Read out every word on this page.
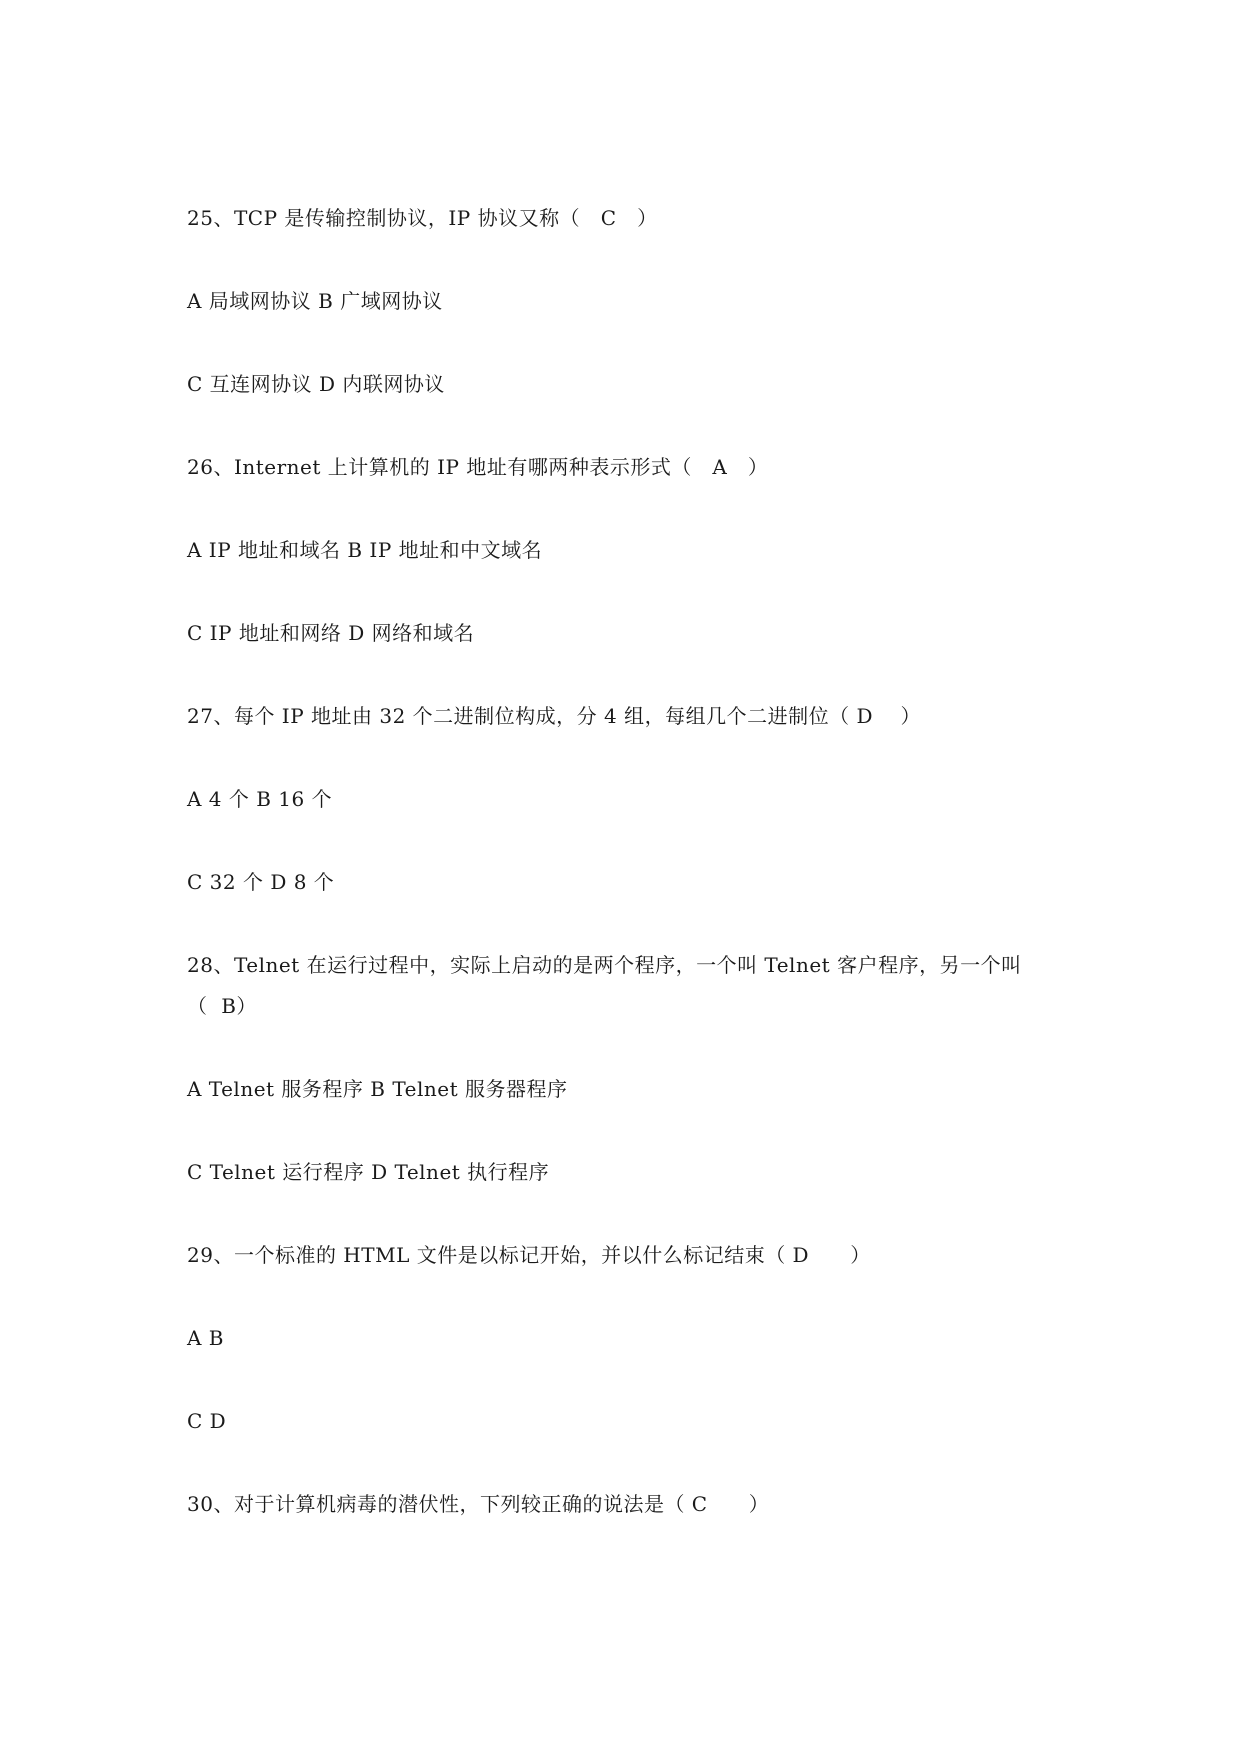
25、TCP 是传输控制协议，IP 协议又称（   C   ）
A 局域网协议 B 广域网协议
C 互连网协议 D 内联网协议
26、Internet 上计算机的 IP 地址有哪两种表示形式（   A   ）
A IP 地址和域名 B IP 地址和中文域名
C IP 地址和网络 D 网络和域名
27、每个 IP 地址由 32 个二进制位构成，分 4 组，每组几个二进制位（ D    ）
A 4 个 B 16 个
C 32 个 D 8 个
28、Telnet 在运行过程中，实际上启动的是两个程序，一个叫 Telnet 客户程序，另一个叫
（  B）
A Telnet 服务程序 B Telnet 服务器程序
C Telnet 运行程序 D Telnet 执行程序
29、一个标准的 HTML 文件是以标记开始，并以什么标记结束（ D      ）
A B
C D
30、对于计算机病毒的潜伏性，下列较正确的说法是（ C      ）
